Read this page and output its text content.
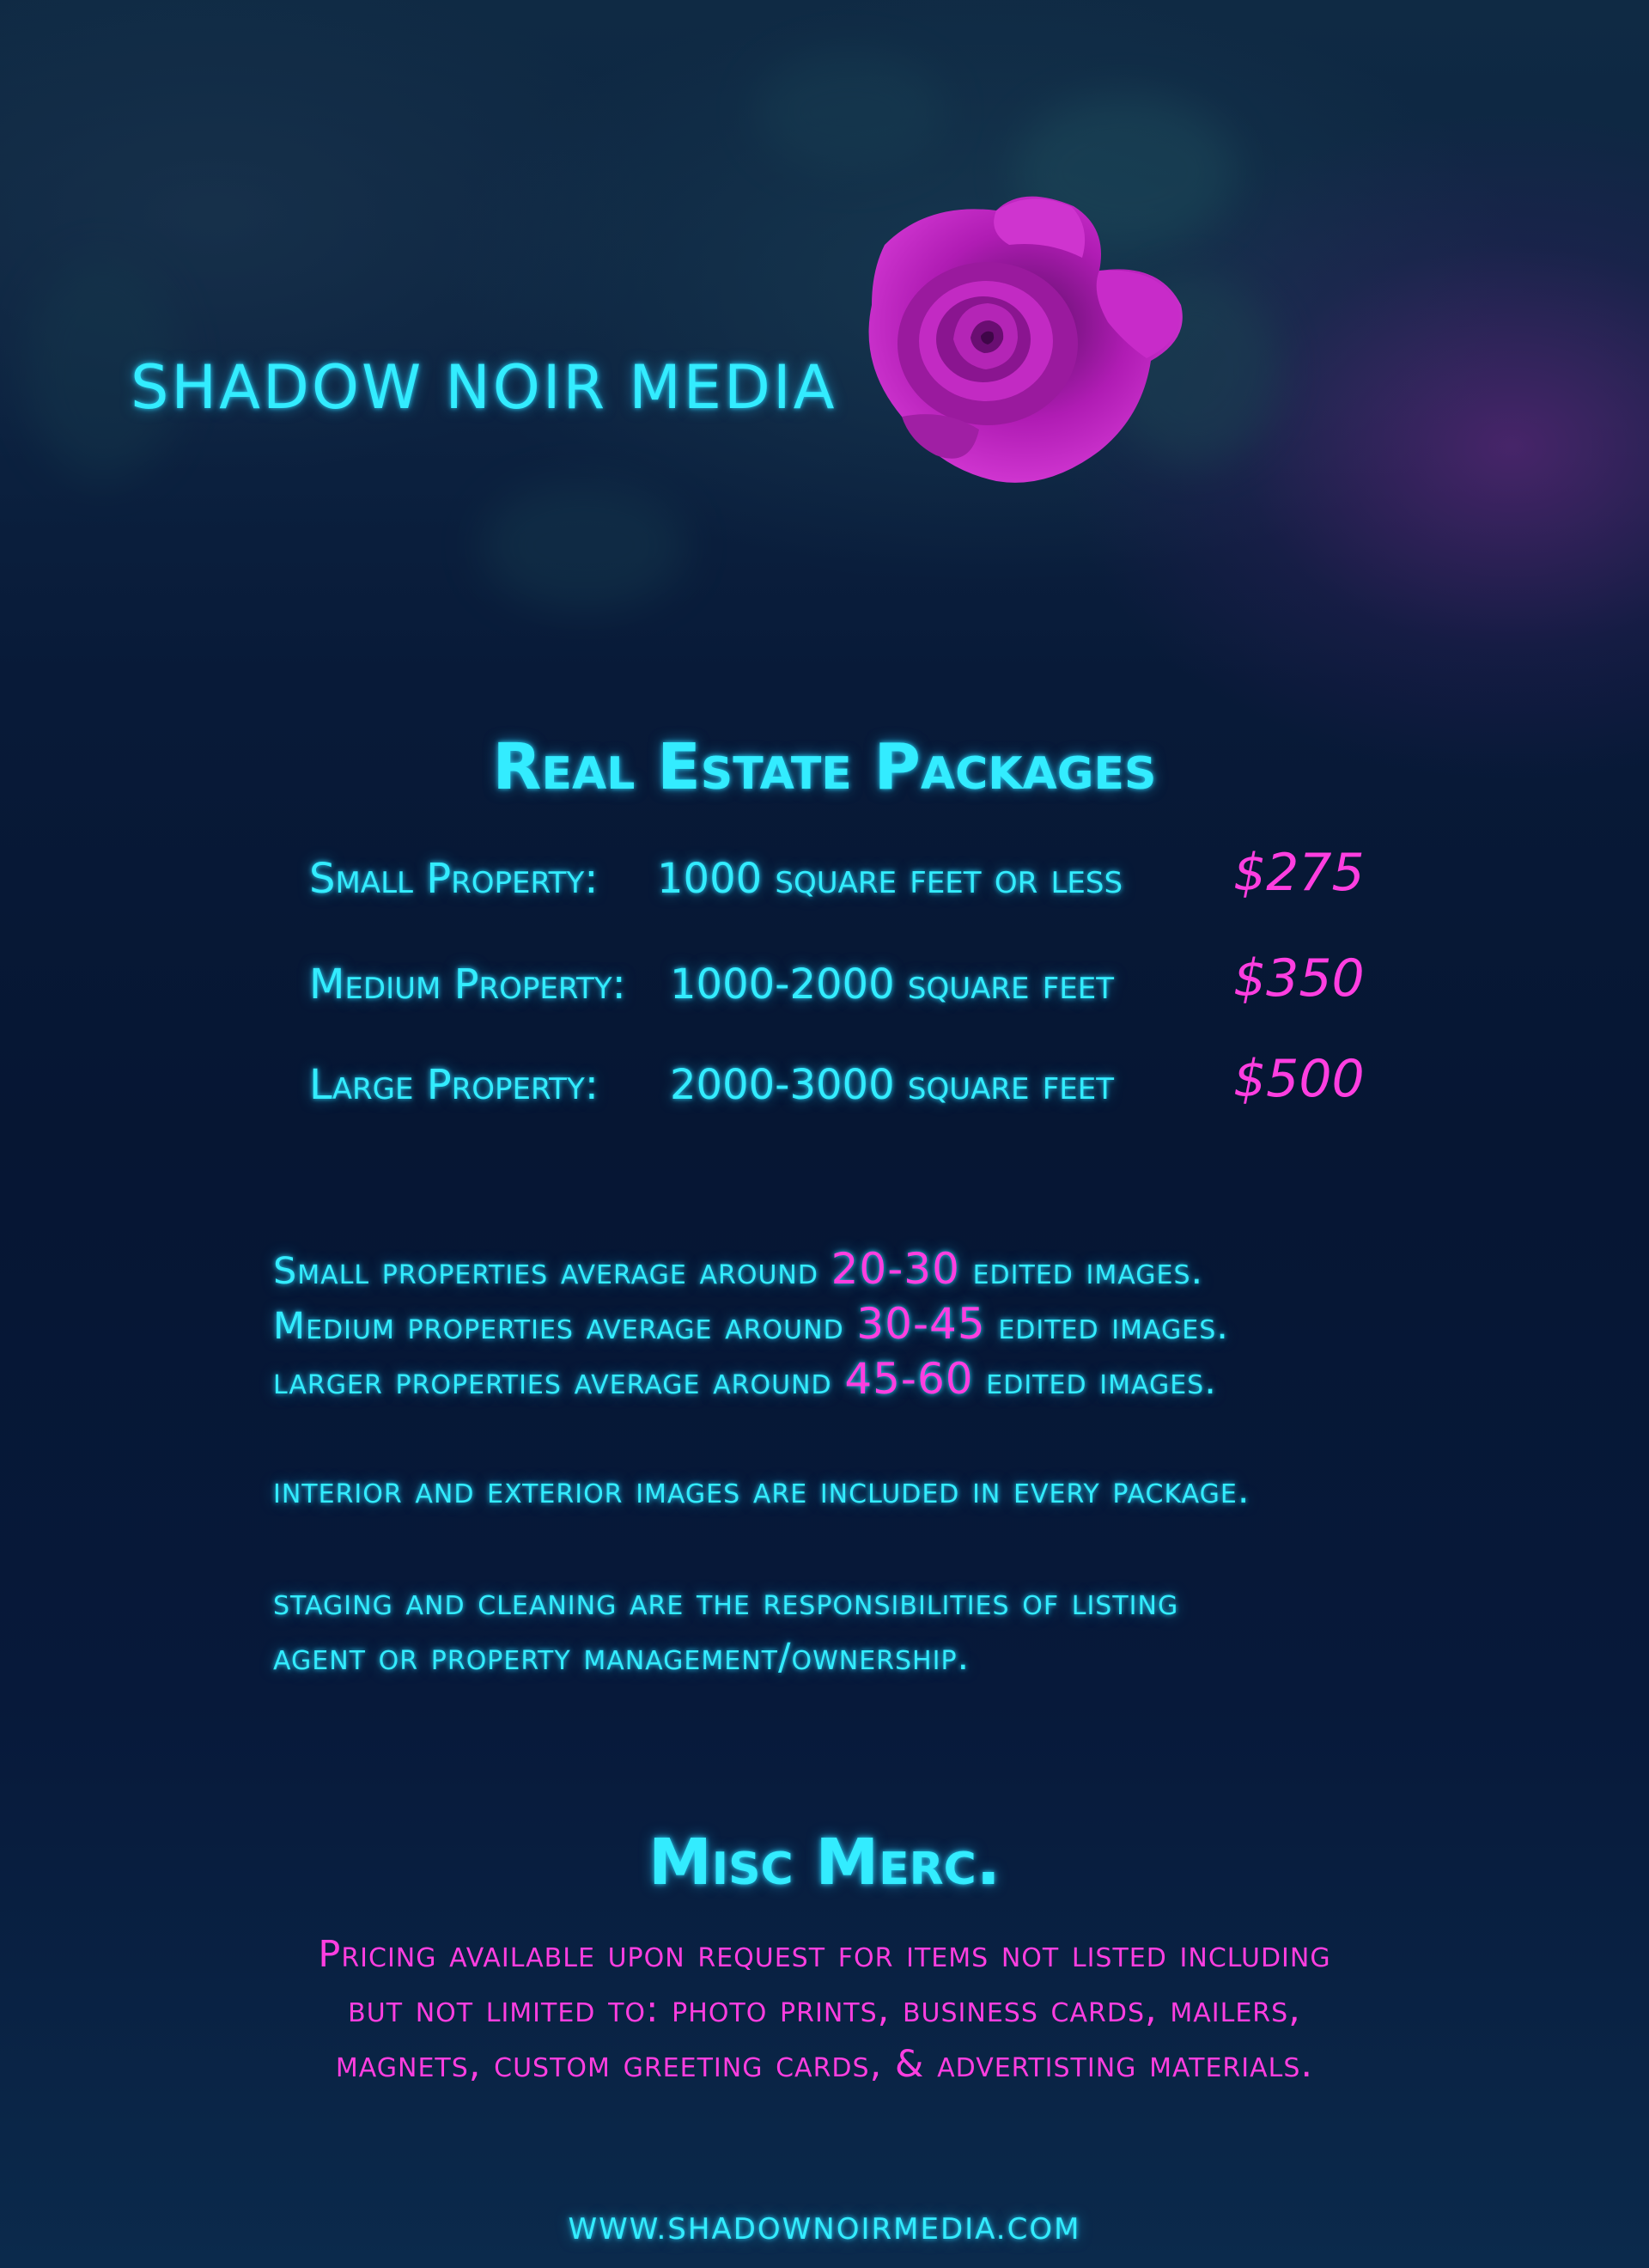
SHADOW NOIR MEDIA
Real Estate Packages
Small Property: 1000 square feet or less $275
Medium Property: 1000-2000 square feet $350
Large Property: 2000-3000 square feet $500
Small properties average around 20-30 edited images.
Medium properties average around 30-45 edited images.
larger properties average around 45-60 edited images.
interior and exterior images are included in every package.
staging and cleaning are the responsibilities of listing
agent or property management/ownership.
Misc Merc.
Pricing available upon request for items not listed including
but not limited to: photo prints, business cards, mailers,
magnets, custom greeting cards, & advertisting materials.
WWW.SHADOWNOIRMEDIA.COM
